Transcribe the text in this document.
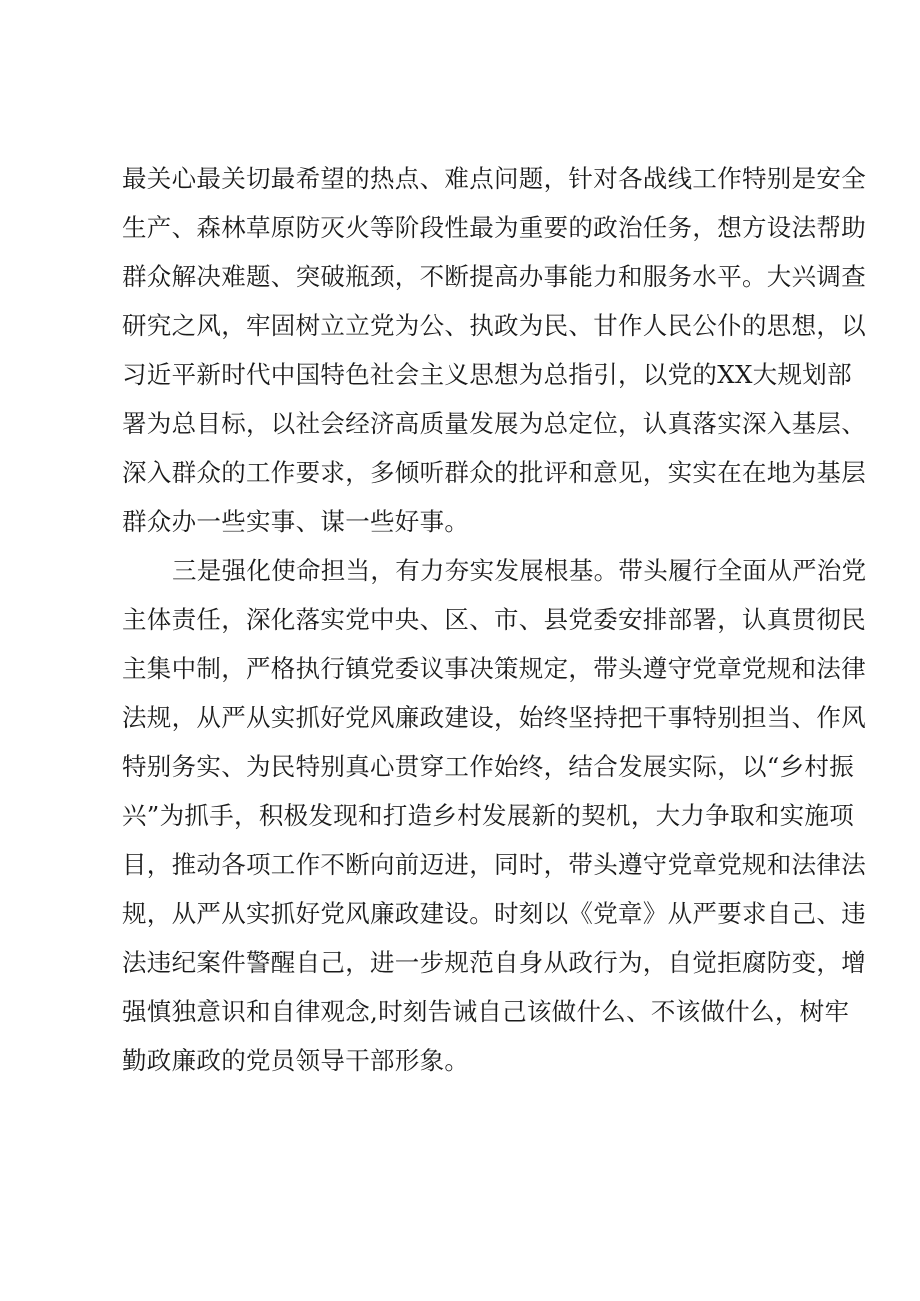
最关心最关切最希望的热点、难点问题，针对各战线工作特别是安全
生产、森林草原防灭火等阶段性最为重要的政治任务，想方设法帮助
群众解决难题、突破瓶颈，不断提高办事能力和服务水平。大兴调查
研究之风，牢固树立立党为公、执政为民、甘作人民公仆的思想，以
习近平新时代中国特色社会主义思想为总指引，以党的XX大规划部
署为总目标，以社会经济高质量发展为总定位，认真落实深入基层、
深入群众的工作要求，多倾听群众的批评和意见，实实在在地为基层
群众办一些实事、谋一些好事。
三是强化使命担当，有力夯实发展根基。带头履行全面从严治党
主体责任，深化落实党中央、区、市、县党委安排部署，认真贯彻民
主集中制，严格执行镇党委议事决策规定，带头遵守党章党规和法律
法规，从严从实抓好党风廉政建设，始终坚持把干事特别担当、作风
特别务实、为民特别真心贯穿工作始终，结合发展实际，以“乡村振
兴”为抓手，积极发现和打造乡村发展新的契机，大力争取和实施项
目，推动各项工作不断向前迈进，同时，带头遵守党章党规和法律法
规，从严从实抓好党风廉政建设。时刻以《党章》从严要求自己、违
法违纪案件警醒自己，进一步规范自身从政行为，自觉拒腐防变，增
强慎独意识和自律观念,时刻告诫自己该做什么、不该做什么，树牢
勤政廉政的党员领导干部形象。
